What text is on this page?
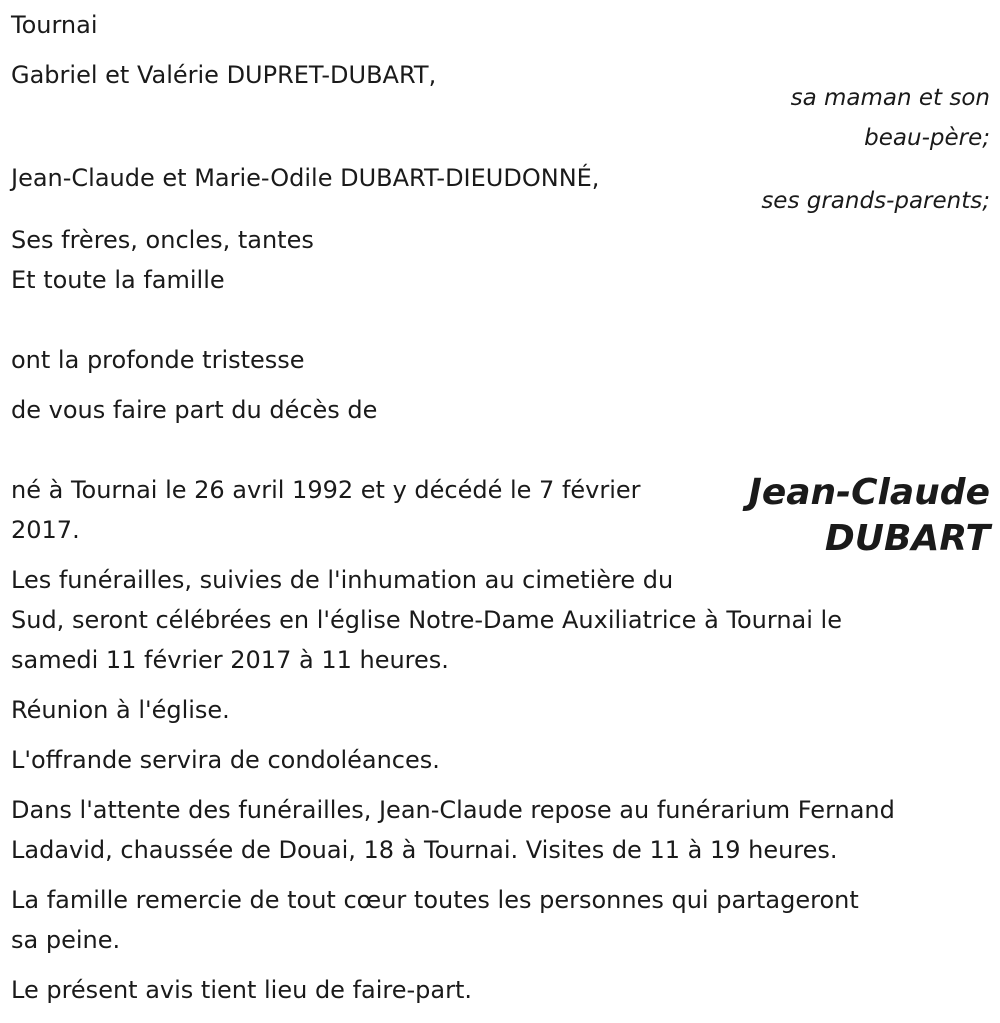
Tournai

Gabriel et Valérie DUPRET-DUBART,

sa maman et son

beau-père;

Jean-Claude et Marie-Odile DUBART-DIEUDONNÉ,

ses grands-parents;

Ses frères, oncles, tantes

Et toute la famille

ont la profonde tristesse

de vous faire part du décès de

Jean-Claude
DUBART

né à Tournai le 26 avril 1992 et y décédé le 7 février

2017.

Les funérailles, suivies de l'inhumation au cimetière du

Sud, seront célébrées en l'église Notre-Dame Auxiliatrice à Tournai le

samedi 11 février 2017 à 11 heures.

Réunion à l'église.

L'offrande servira de condoléances.

Dans l'attente des funérailles, Jean-Claude repose au funérarium Fernand

Ladavid, chaussée de Douai, 18 à Tournai. Visites de 11 à 19 heures.

La famille remercie de tout cœur toutes les personnes qui partageront

sa peine.

Le présent avis tient lieu de faire-part.
